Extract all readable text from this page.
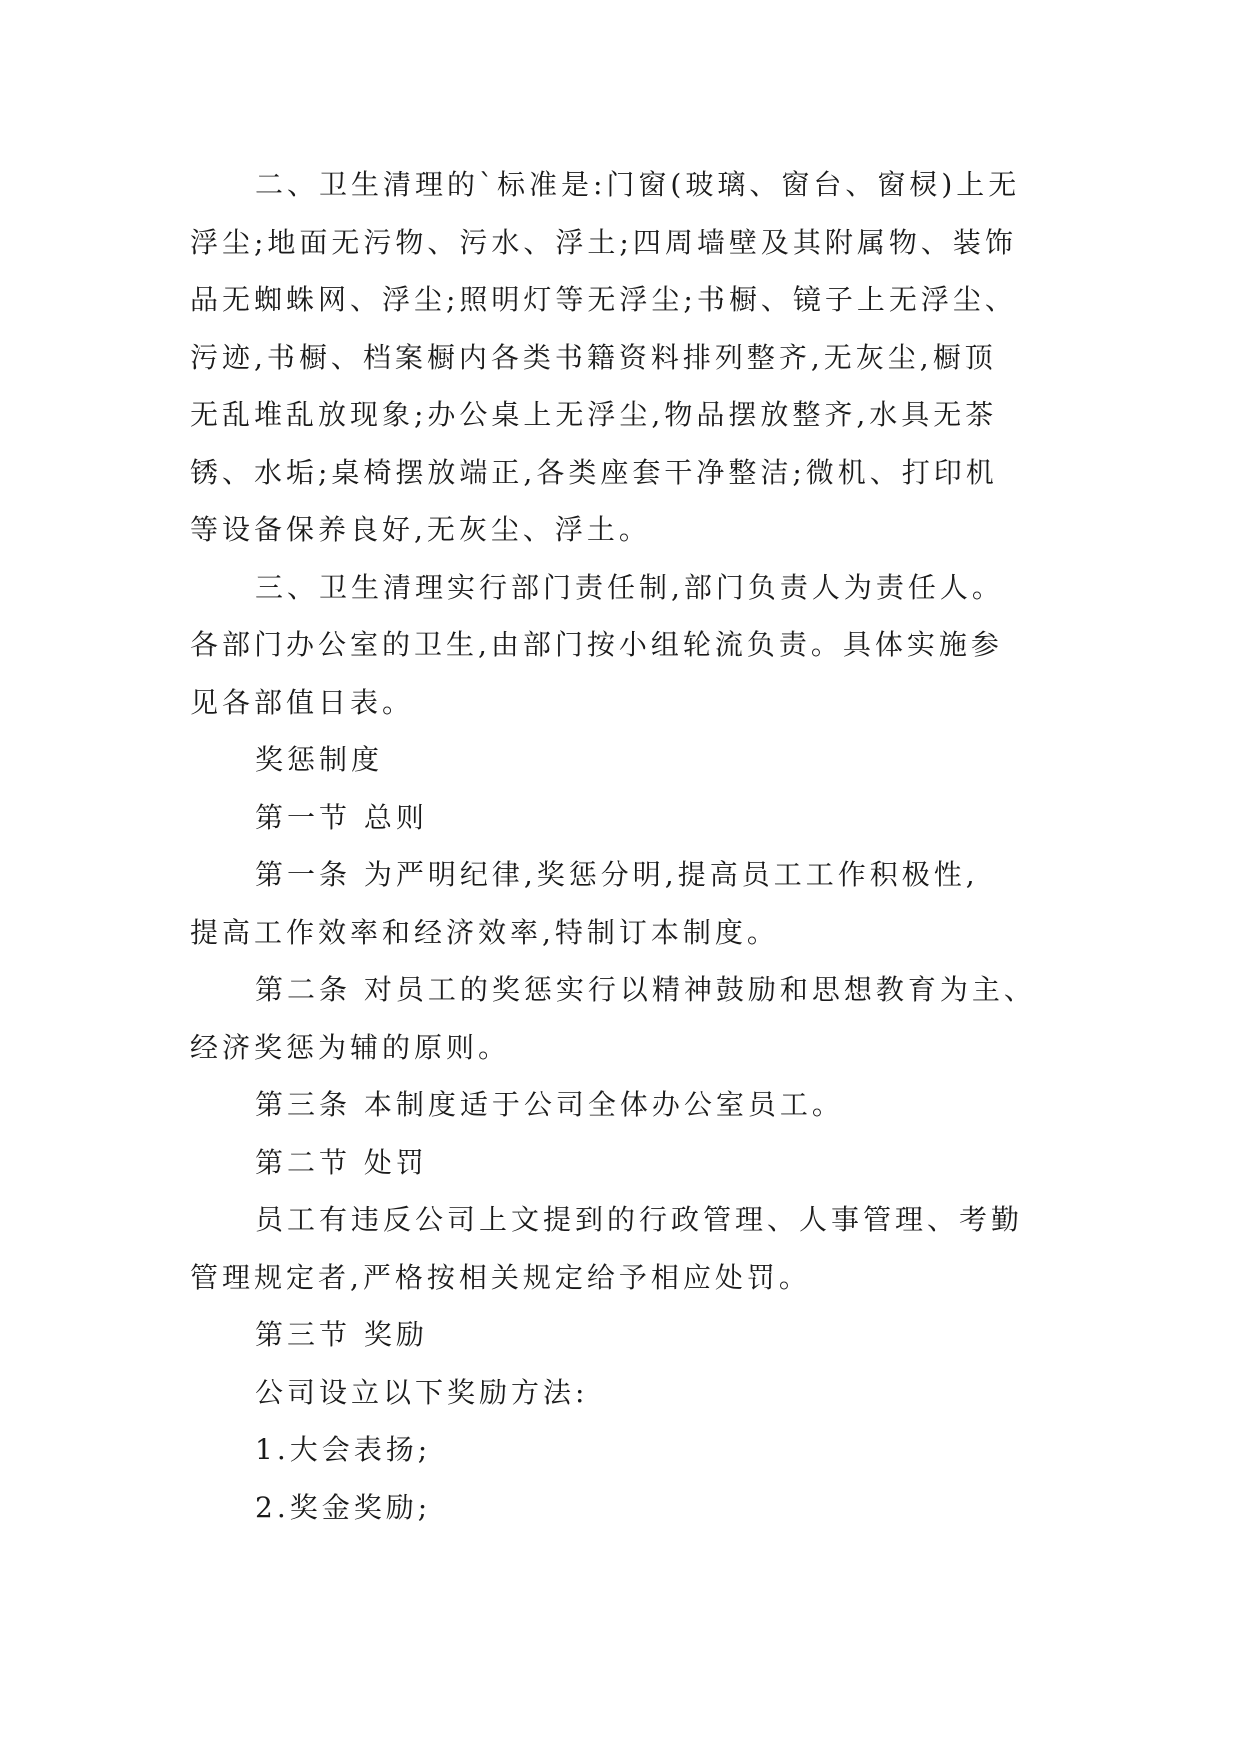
二、卫生清理的`标准是:门窗(玻璃、窗台、窗棂)上无
浮尘;地面无污物、污水、浮土;四周墙壁及其附属物、装饰
品无蜘蛛网、浮尘;照明灯等无浮尘;书橱、镜子上无浮尘、
污迹,书橱、档案橱内各类书籍资料排列整齐,无灰尘,橱顶
无乱堆乱放现象;办公桌上无浮尘,物品摆放整齐,水具无茶
锈、水垢;桌椅摆放端正,各类座套干净整洁;微机、打印机
等设备保养良好,无灰尘、浮土。
三、卫生清理实行部门责任制,部门负责人为责任人。
各部门办公室的卫生,由部门按小组轮流负责。具体实施参
见各部值日表。
奖惩制度
第一节 总则
第一条 为严明纪律,奖惩分明,提高员工工作积极性,
提高工作效率和经济效率,特制订本制度。
第二条 对员工的奖惩实行以精神鼓励和思想教育为主、
经济奖惩为辅的原则。
第三条 本制度适于公司全体办公室员工。
第二节 处罚
员工有违反公司上文提到的行政管理、人事管理、考勤
管理规定者,严格按相关规定给予相应处罚。
第三节 奖励
公司设立以下奖励方法:
1.大会表扬;
2.奖金奖励;
